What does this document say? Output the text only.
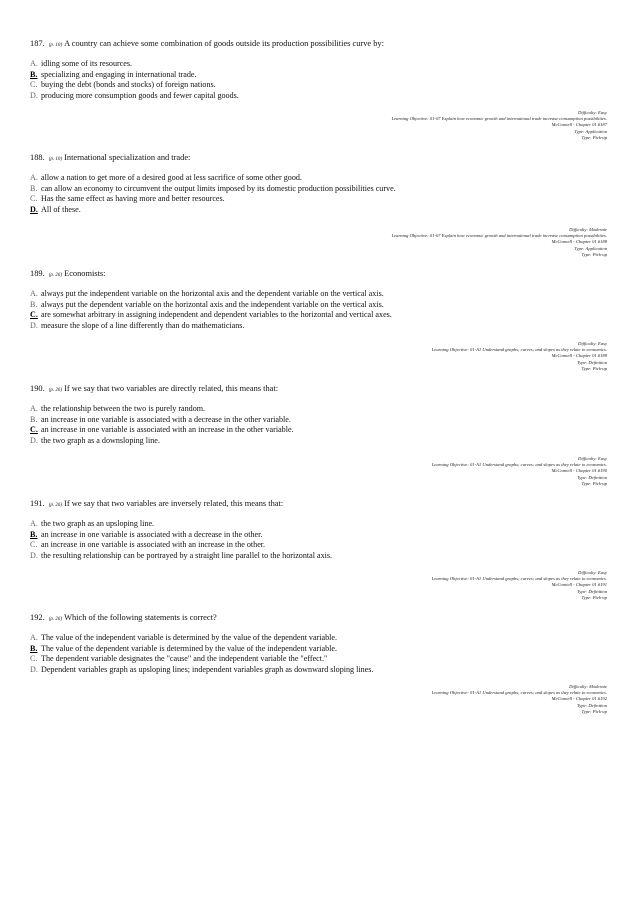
187. (p. 10) A country can achieve some combination of goods outside its production possibilities curve by:
A. idling some of its resources.
B. specializing and engaging in international trade.
C. buying the debt (bonds and stocks) of foreign nations.
D. producing more consumption goods and fewer capital goods.
Difficulty: Easy
Learning Objective: 01-07 Explain how economic growth and international trade increase consumption possibilities.
McConnell - Chapter 01 #187
Type: Application
Type: Pick-up
188. (p. 10) International specialization and trade:
A. allow a nation to get more of a desired good at less sacrifice of some other good.
B. can allow an economy to circumvent the output limits imposed by its domestic production possibilities curve.
C. Has the same effect as having more and better resources.
D. All of these.
Difficulty: Moderate
Learning Objective: 01-07 Explain how economic growth and international trade increase consumption possibilities.
McConnell - Chapter 01 #188
Type: Application
Type: Pick-up
189. (p. 26) Economists:
A. always put the independent variable on the horizontal axis and the dependent variable on the vertical axis.
B. always put the dependent variable on the horizontal axis and the independent variable on the vertical axis.
C. are somewhat arbitrary in assigning independent and dependent variables to the horizontal and vertical axes.
D. measure the slope of a line differently than do mathematicians.
Difficulty: Easy
Learning Objective: 01-A1 Understand graphs; curves; and slopes as they relate to economics.
McConnell - Chapter 01 #189
Type: Definition
Type: Pick-up
190. (p. 26) If we say that two variables are directly related, this means that:
A. the relationship between the two is purely random.
B. an increase in one variable is associated with a decrease in the other variable.
C. an increase in one variable is associated with an increase in the other variable.
D. the two graph as a downsloping line.
Difficulty: Easy
Learning Objective: 01-A1 Understand graphs; curves; and slopes as they relate to economics.
McConnell - Chapter 01 #190
Type: Definition
Type: Pick-up
191. (p. 26) If we say that two variables are inversely related, this means that:
A. the two graph as an upsloping line.
B. an increase in one variable is associated with a decrease in the other.
C. an increase in one variable is associated with an increase in the other.
D. the resulting relationship can be portrayed by a straight line parallel to the horizontal axis.
Difficulty: Easy
Learning Objective: 01-A1 Understand graphs; curves; and slopes as they relate to economics.
McConnell - Chapter 01 #191
Type: Definition
Type: Pick-up
192. (p. 26) Which of the following statements is correct?
A. The value of the independent variable is determined by the value of the dependent variable.
B. The value of the dependent variable is determined by the value of the independent variable.
C. The dependent variable designates the "cause" and the independent variable the "effect."
D. Dependent variables graph as upsloping lines; independent variables graph as downward sloping lines.
Difficulty: Moderate
Learning Objective: 01-A1 Understand graphs; curves; and slopes as they relate to economics.
McConnell - Chapter 01 #192
Type: Definition
Type: Pick-up
